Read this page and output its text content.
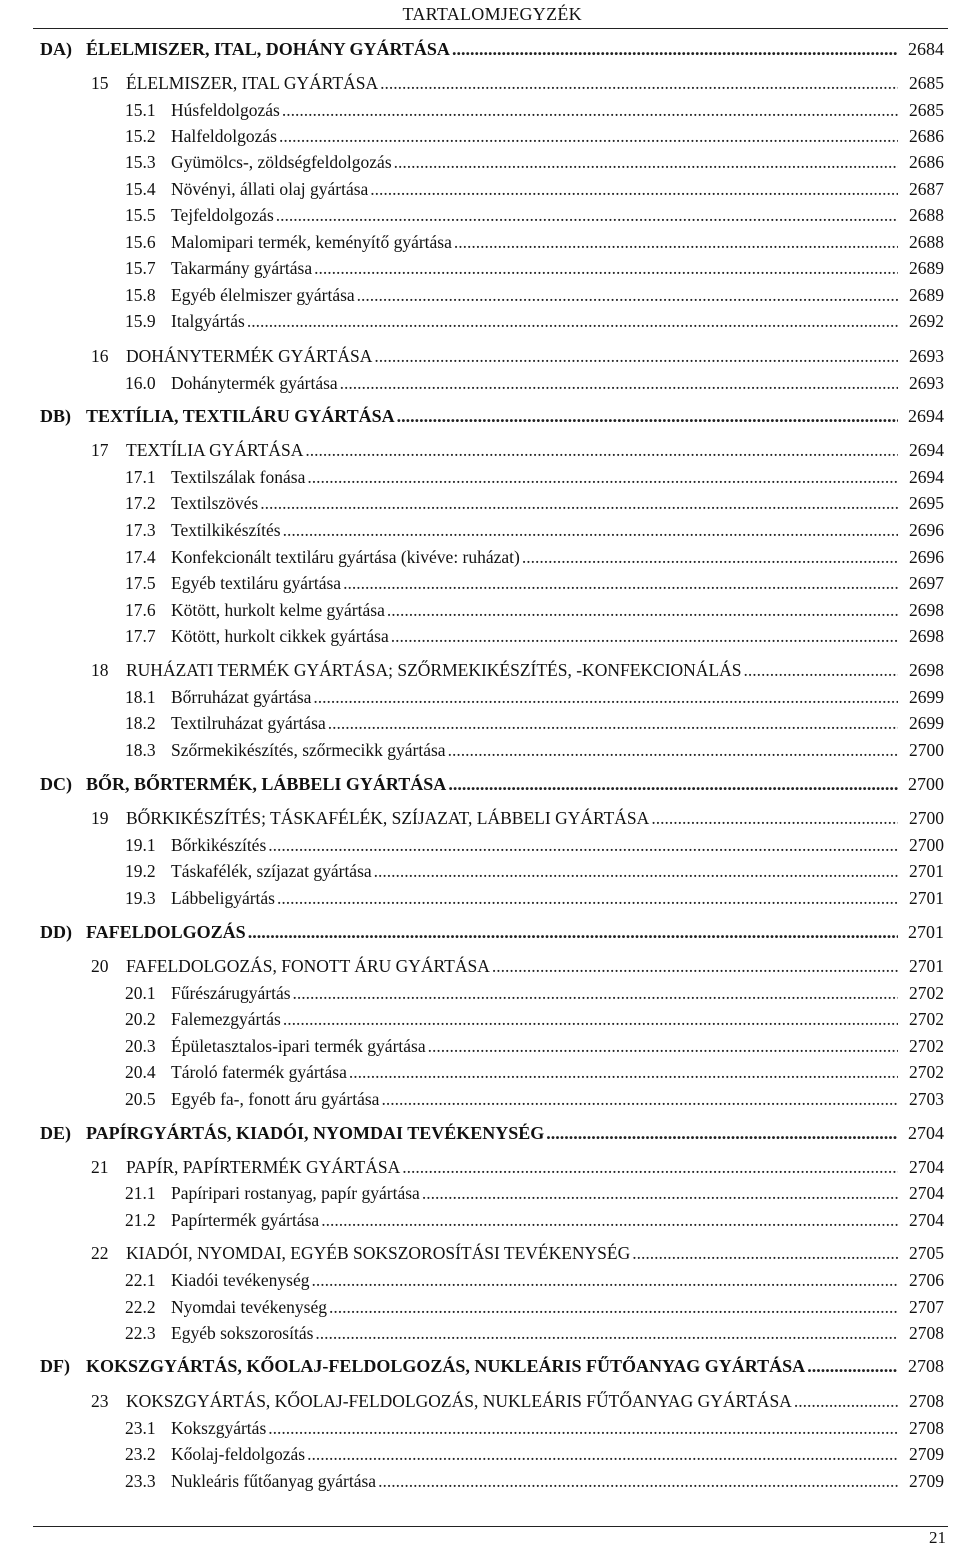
TARTALOMJEGYZÉK
DA) ÉLELMISZER, ITAL, DOHÁNY GYÁRTÁSA .....	2684
15	ÉLELMISZER, ITAL GYÁRTÁSA .....	2685
15.1 Húsfeldolgozás .....	2685
15.2 Halfeldolgozás .....	2686
15.3 Gyümölcs-, zöldségfeldolgozás .....	2686
15.4 Növényi, állati olaj gyártása .....	2687
15.5 Tejfeldolgozás .....	2688
15.6 Malomipari termék, keményítő gyártása .....	2688
15.7 Takarmány gyártása .....	2689
15.8 Egyéb élelmiszer gyártása .....	2689
15.9 Italgyártás .....	2692
16	DOHÁNYTERMÉK GYÁRTÁSA .....	2693
16.0 Dohánytermék gyártása .....	2693
DB) TEXTÍLIA, TEXTILÁRU GYÁRTÁSA .....	2694
17	TEXTÍLIA GYÁRTÁSA .....	2694
17.1 Textilszálak fonása .....	2694
17.2 Textilszövés .....	2695
17.3 Textilkikészítés .....	2696
17.4 Konfekcionált textiláru gyártása (kivéve: ruházat) .....	2696
17.5 Egyéb textiláru gyártása .....	2697
17.6 Kötött, hurkolt kelme gyártása .....	2698
17.7 Kötött, hurkolt cikkek gyártása .....	2698
18	RUHÁZATI TERMÉK GYÁRTÁSA; SZŐRMEKIKÉSZÍTÉS, -KONFEKCIONÁLÁS .....	2698
18.1 Bőrruházat gyártása .....	2699
18.2 Textilruházat gyártása .....	2699
18.3 Szőrmekikészítés, szőrmecikk gyártása .....	2700
DC) BŐR, BŐRTERMÉK, LÁBBELI GYÁRTÁSA .....	2700
19	BŐRKIKÉSZÍTÉS; TÁSKAFÉLÉK, SZÍJAZAT, LÁBBELI GYÁRTÁSA .....	2700
19.1 Bőrkikészítés .....	2700
19.2 Táskafélék, szíjazat gyártása .....	2701
19.3 Lábbeligyártás .....	2701
DD) FAFELDOLGOZÁS .....	2701
20	FAFELDOLGOZÁS, FONOTT ÁRU GYÁRTÁSA .....	2701
20.1 Fűrészárugyártás .....	2702
20.2 Falemezgyártás .....	2702
20.3 Épületasztalos-ipari termék gyártása .....	2702
20.4 Tároló fatermék gyártása .....	2702
20.5 Egyéb fa-, fonott áru gyártása .....	2703
DE) PAPÍRGYÁRTÁS, KIADÓI, NYOMDAI TEVÉKENYSÉG .....	2704
21	PAPÍR, PAPÍRTERMÉK GYÁRTÁSA .....	2704
21.1 Papíripari rostanyag, papír gyártása .....	2704
21.2 Papírtermék gyártása .....	2704
22	KIADÓI, NYOMDAI, EGYÉB SOKSZOROSÍTÁSI TEVÉKENYSÉG .....	2705
22.1 Kiadói tevékenység .....	2706
22.2 Nyomdai tevékenység .....	2707
22.3 Egyéb sokszorosítás .....	2708
DF) KOKSZGYÁRTÁS, KŐOLAJ-FELDOLGOZÁS, NUKLEÁRIS FŰTŐANYAG GYÁRTÁSA .....	2708
23	KOKSZGYÁRTÁS, KŐOLAJ-FELDOLGOZÁS, NUKLEÁRIS FŰTŐANYAG GYÁRTÁSA .....	2708
23.1 Kokszgyártás .....	2708
23.2 Kőolaj-feldolgozás .....	2709
23.3 Nukleáris fűtőanyag gyártása .....	2709
21
